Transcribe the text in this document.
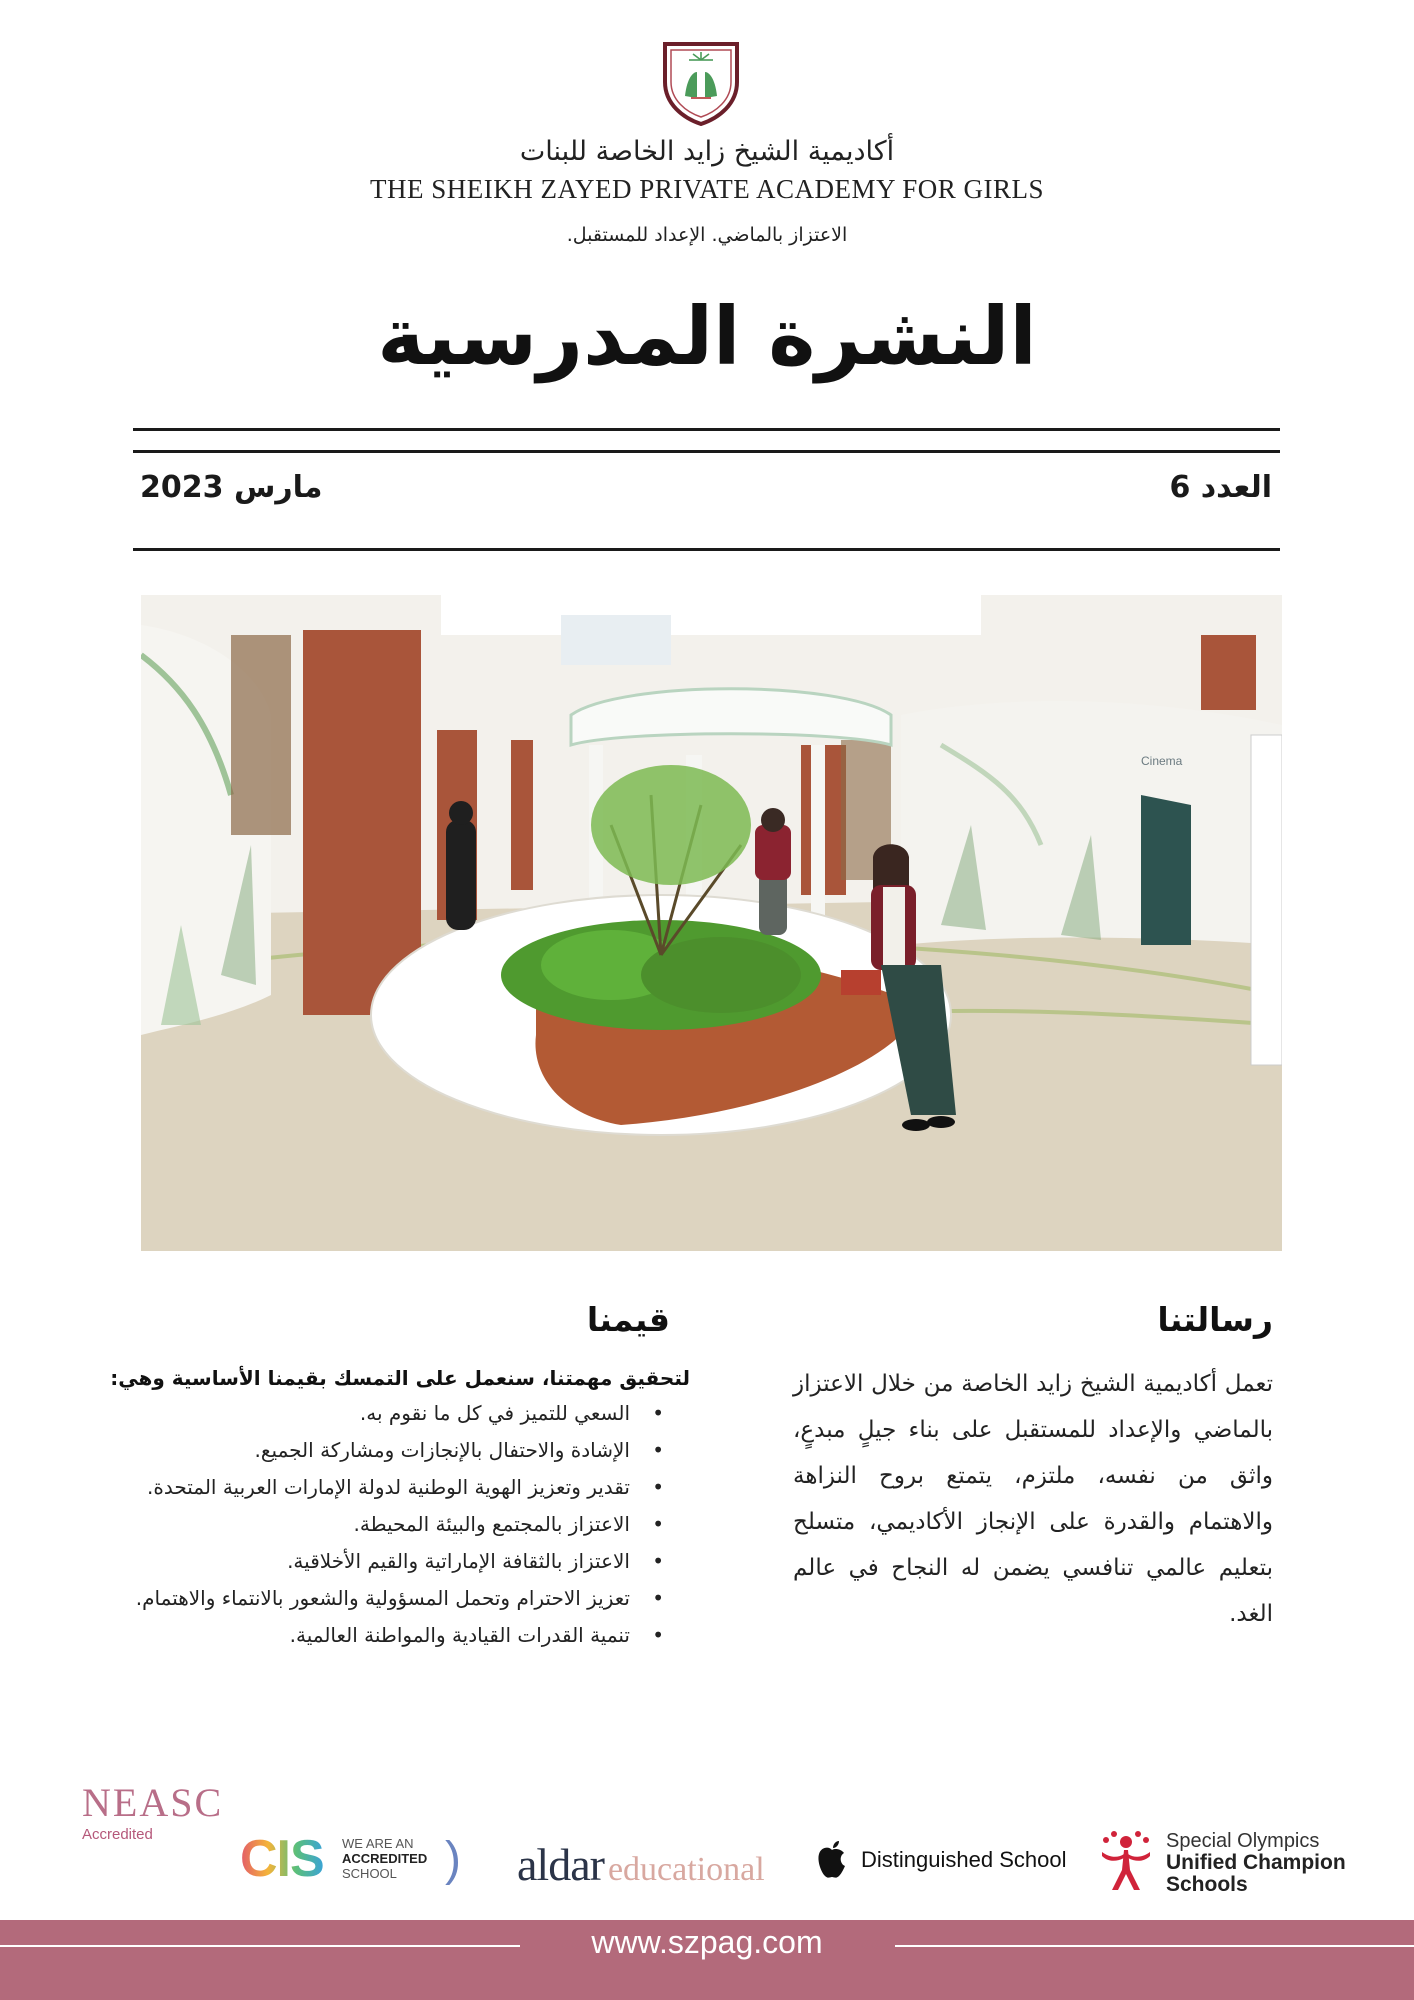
أكاديمية الشيخ زايد الخاصة للبنات
THE SHEIKH ZAYED PRIVATE ACADEMY FOR GIRLS
الاعتزاز بالماضي. الإعداد للمستقبل.
النشرة المدرسية
العدد 6
مارس 2023
Cinema
رسالتنا

تعمل أكاديمية الشيخ زايد الخاصة من خلال الاعتزاز بالماضي والإعداد للمستقبل على بناء جيلٍ مبدعٍ، واثق من نفسه، ملتزم، يتمتع بروح النزاهة والاهتمام والقدرة على الإنجاز الأكاديمي، متسلح بتعليم عالمي تنافسي يضمن له النجاح في عالم الغد.

قيمنا
لتحقيق مهمتنا، سنعمل على التمسك بقيمنا الأساسية وهي:
• السعي للتميز في كل ما نقوم به.
• الإشادة والاحتفال بالإنجازات ومشاركة الجميع.
• تقدير وتعزيز الهوية الوطنية لدولة الإمارات العربية المتحدة.
• الاعتزاز بالمجتمع والبيئة المحيطة.
• الاعتزاز بالثقافة الإماراتية والقيم الأخلاقية.
• تعزيز الاحترام وتحمل المسؤولية والشعور بالانتماء والاهتمام.
• تنمية القدرات القيادية والمواطنة العالمية.
NEASC
Accredited	CIS WE ARE AN
ACCREDITED
SCHOOL	) aldar educational	Distinguished School
Special Olympics
Unified Champion
Schools
www.szpag.com
